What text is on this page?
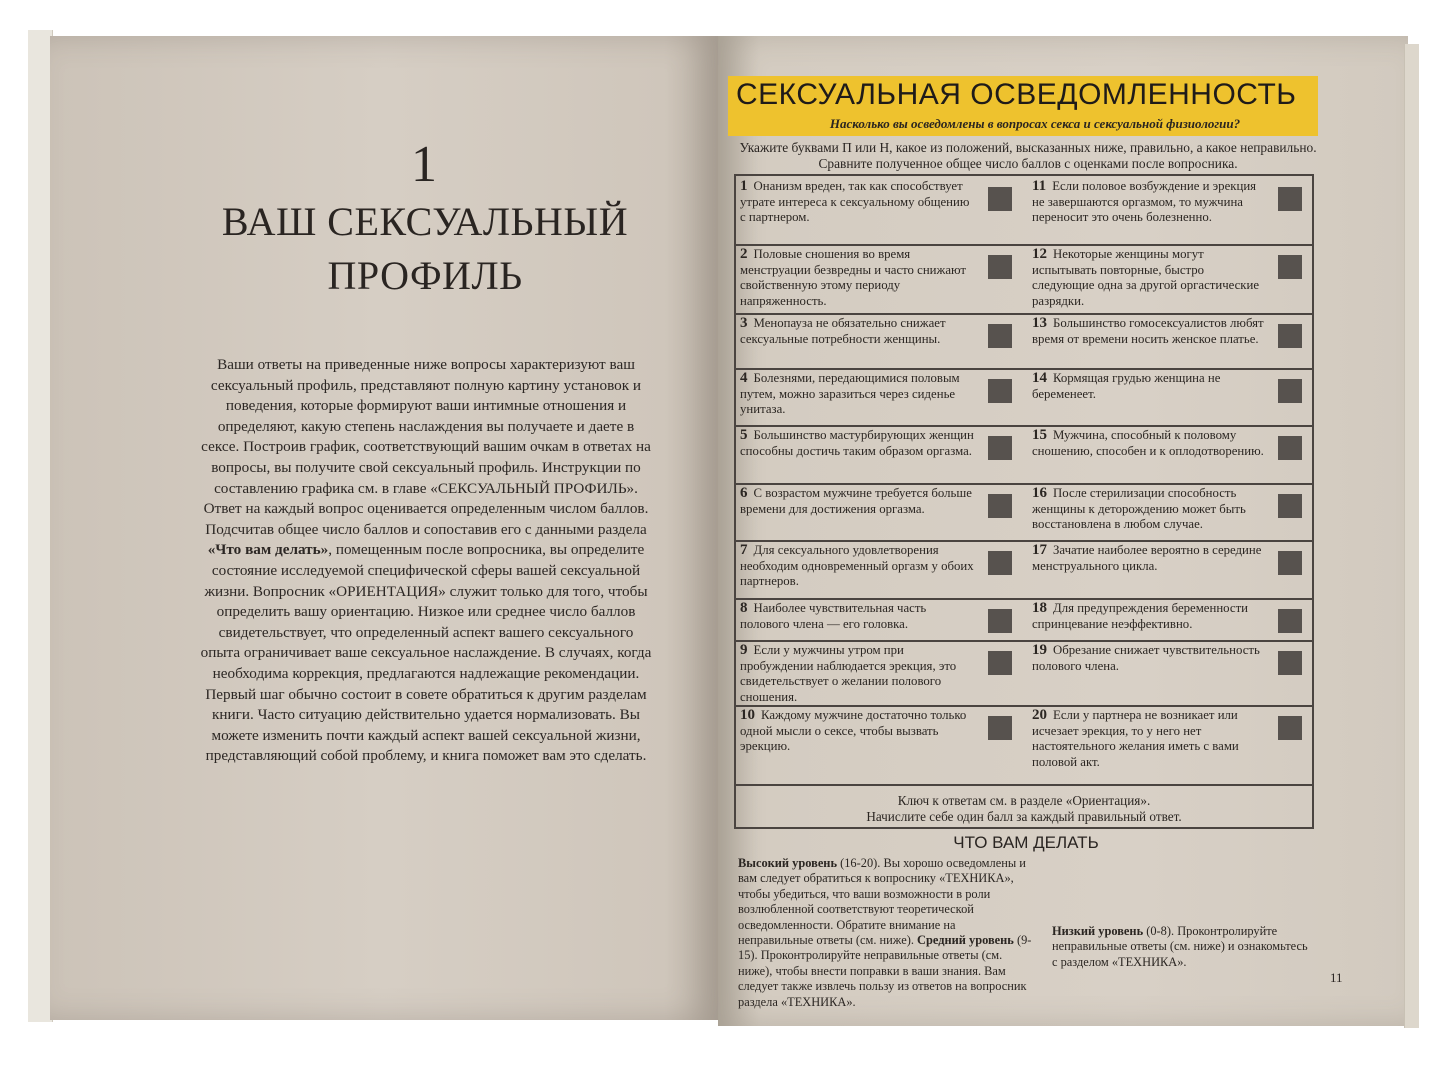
1
ВАШ СЕКСУАЛЬНЫЙ
ПРОФИЛЬ
Ваши ответы на приведенные ниже вопросы характеризуют ваш сексуальный профиль, представляют полную картину установок и поведения, которые формируют ваши интимные отношения и определяют, какую степень наслаждения вы получаете и даете в сексе. Построив график, соответствующий вашим очкам в ответах на вопросы, вы получите свой сексуальный профиль. Инструкции по составлению графика см. в главе «СЕКСУАЛЬНЫЙ ПРОФИЛЬ». Ответ на каждый вопрос оценивается определенным числом баллов. Подсчитав общее число баллов и сопоставив его с данными раздела «Что вам делать», помещенным после вопросника, вы определите состояние исследуемой специфической сферы вашей сексуальной жизни. Вопросник «ОРИЕНТАЦИЯ» служит только для того, чтобы определить вашу ориентацию. Низкое или среднее число баллов свидетельствует, что определенный аспект вашего сексуального опыта ограничивает ваше сексуальное наслаждение. В случаях, когда необходима коррекция, предлагаются надлежащие рекомендации. Первый шаг обычно состоит в совете обратиться к другим разделам книги. Часто ситуацию действительно удается нормализовать. Вы можете изменить почти каждый аспект вашей сексуальной жизни, представляющий собой проблему, и книга поможет вам это сделать.
СЕКСУАЛЬНАЯ ОСВЕДОМЛЕННОСТЬ
Насколько вы осведомлены в вопросах секса и сексуальной физиологии?
Укажите буквами П или Н, какое из положений, высказанных ниже, правильно, а какое неправильно. Сравните полученное общее число баллов с оценками после вопросника.
1 Онанизм вреден, так как способствует утрате интереса к сексуальному общению с партнером.
11 Если половое возбуждение и эрекция не завершаются оргазмом, то мужчина переносит это очень болезненно.
2 Половые сношения во время менструации безвредны и часто снижают свойственную этому периоду напряженность.
12 Некоторые женщины могут испытывать повторные, быстро следующие одна за другой оргастические разрядки.
3 Менопауза не обязательно снижает сексуальные потребности женщины.
13 Большинство гомосексуалистов любят время от времени носить женское платье.
4 Болезнями, передающимися половым путем, можно заразиться через сиденье унитаза.
14 Кормящая грудью женщина не беременеет.
5 Большинство мастурбирующих женщин способны достичь таким образом оргазма.
15 Мужчина, способный к половому сношению, способен и к оплодотворению.
6 С возрастом мужчине требуется больше времени для достижения оргазма.
16 После стерилизации способность женщины к деторождению может быть восстановлена в любом случае.
7 Для сексуального удовлетворения необходим одновременный оргазм у обоих партнеров.
17 Зачатие наиболее вероятно в середине менструального цикла.
8 Наиболее чувствительная часть полового члена — его головка.
18 Для предупреждения беременности спринцевание неэффективно.
9 Если у мужчины утром при пробуждении наблюдается эрекция, это свидетельствует о желании полового сношения.
19 Обрезание снижает чувствительность полового члена.
10 Каждому мужчине достаточно только одной мысли о сексе, чтобы вызвать эрекцию.
20 Если у партнера не возникает или исчезает эрекция, то у него нет настоятельного желания иметь с вами половой акт.
Ключ к ответам см. в разделе «Ориентация».
Начислите себе один балл за каждый правильный ответ.
ЧТО ВАМ ДЕЛАТЬ
Высокий уровень (16-20). Вы хорошо осведомлены и вам следует обратиться к вопроснику «ТЕХНИКА», чтобы убедиться, что ваши возможности в роли возлюбленной соответствуют теоретической осведомленности. Обратите внимание на неправильные ответы (см. ниже). Средний уровень (9-15). Проконтролируйте неправильные ответы (см. ниже), чтобы внести поправки в ваши знания. Вам следует также извлечь пользу из ответов на вопросник раздела «ТЕХНИКА».
Низкий уровень (0-8). Проконтролируйте неправильные ответы (см. ниже) и ознакомьтесь с разделом «ТЕХНИКА».
11
